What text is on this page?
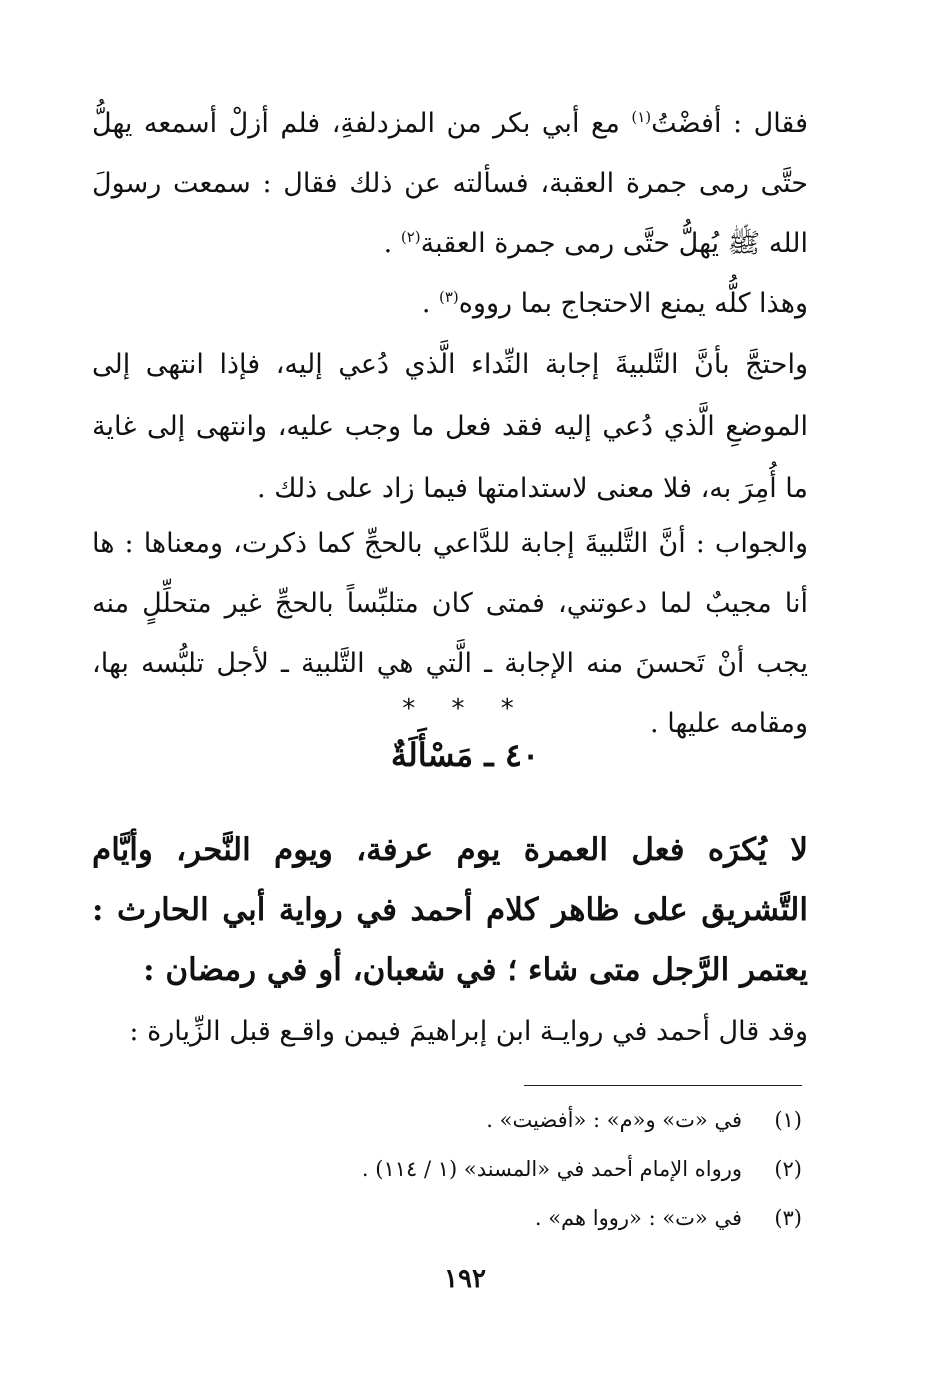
فقال : أفضْتُ$^{(١)}$ مع أبي بكر من المزدلفةِ، فلم أزلْ أسمعه يهلُّ حتَّى رمى جمرة العقبة، فسألته عن ذلك فقال : سمعت رسولَ الله ﷺ يُهلُّ حتَّى رمى جمرة العقبة$^{(٢)}$ .

وهذا كلُّه يمنع الاحتجاج بما رووه$^{(٣)}$ .

واحتجَّ بأنَّ التَّلبيةَ إجابة النِّداء الَّذي دُعي إليه، فإذا انتهى إلى الموضعِ الَّذي دُعي إليه فقد فعل ما وجب عليه، وانتهى إلى غاية ما أُمِرَ به، فلا معنى لاستدامتها فيما زاد على ذلك .

والجواب : أنَّ التَّلبيةَ إجابة للدَّاعي بالحجِّ كما ذكرت، ومعناها : ها أنا مجيبٌ لما دعوتني، فمتى كان متلبِّساً بالحجِّ غير متحلِّلٍ منه يجب أنْ تَحسنَ منه الإجابة ـ الَّتي هي التَّلبية ـ لأجل تلبُّسه بها، ومقامه عليها .

* * *
٤٠ ـ مَسْأَلَةٌ

لا يُكرَه فعل العمرة يوم عرفة، ويوم النَّحر، وأيَّام التَّشريق على ظاهر كلام أحمد في رواية أبي الحارث : يعتمر الرَّجل متى شاء ؛ في شعبان، أو في رمضان :

وقد قال أحمد في روايـة ابن إبراهيمَ فيمن واقـع قبل الزِّيارة :

(١)في «ت» و«م» : «أفضيت» .

(٢)ورواه الإمام أحمد في «المسند» (١ / ١١٤) .

(٣)في «ت» : «رووا هم» .

١٩٢
